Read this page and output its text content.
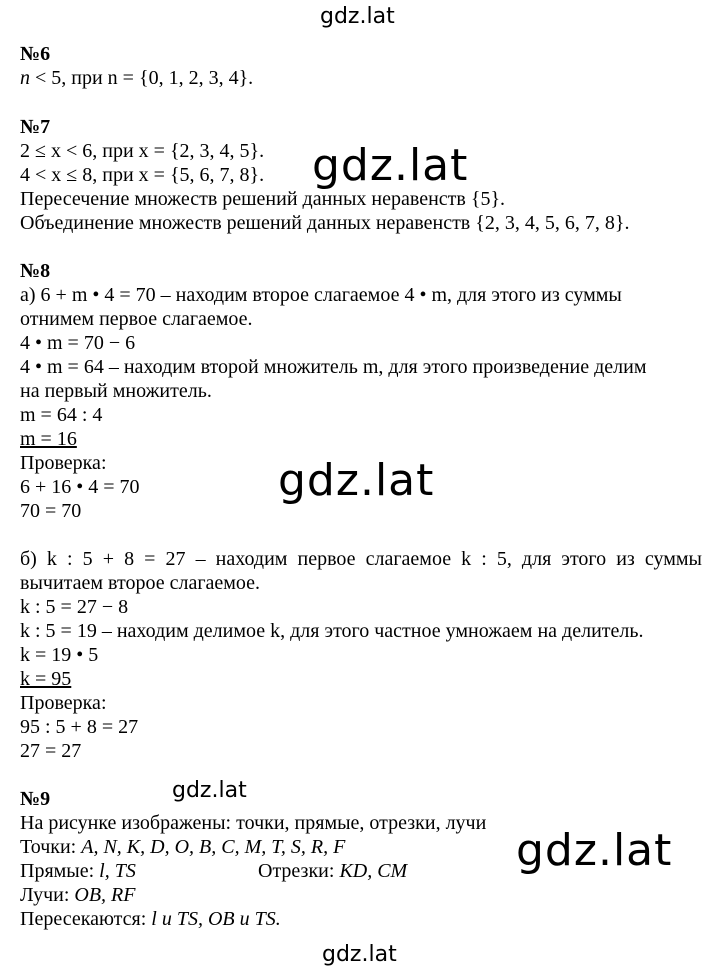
gdz.lat
gdz.lat
gdz.lat
gdz.lat
gdz.lat
gdz.lat
№6
n < 5, при n = {0, 1, 2, 3, 4}.
№7
2 ≤ x < 6, при x = {2, 3, 4, 5}.
4 < x ≤ 8, при x = {5, 6, 7, 8}.
Пересечение множеств решений данных неравенств {5}.
Объединение множеств решений данных неравенств {2, 3, 4, 5, 6, 7, 8}.
№8
а) 6 + m • 4 = 70 – находим второе слагаемое 4 • m, для этого из суммы
отнимем первое слагаемое.
4 • m = 70 − 6
4 • m = 64 – находим второй множитель m, для этого произведение делим
на первый множитель.
m = 64 : 4
m = 16
Проверка:
6 + 16 • 4 = 70
70 = 70
б) k : 5 + 8 = 27 – находим первое слагаемое k : 5, для этого из суммы
вычитаем второе слагаемое.
k : 5 = 27 − 8
k : 5 = 19 – находим делимое k, для этого частное умножаем на делитель.
k = 19 • 5
k = 95
Проверка:
95 : 5 + 8 = 27
27 = 27
№9
На рисунке изображены: точки, прямые, отрезки, лучи
Точки: A, N, K, D, O, B, C, M, T, S, R, F
Прямые: l, TS	Отрезки: KD, CM
Лучи: OB, RF
Пересекаются: l и TS, OB и TS.
